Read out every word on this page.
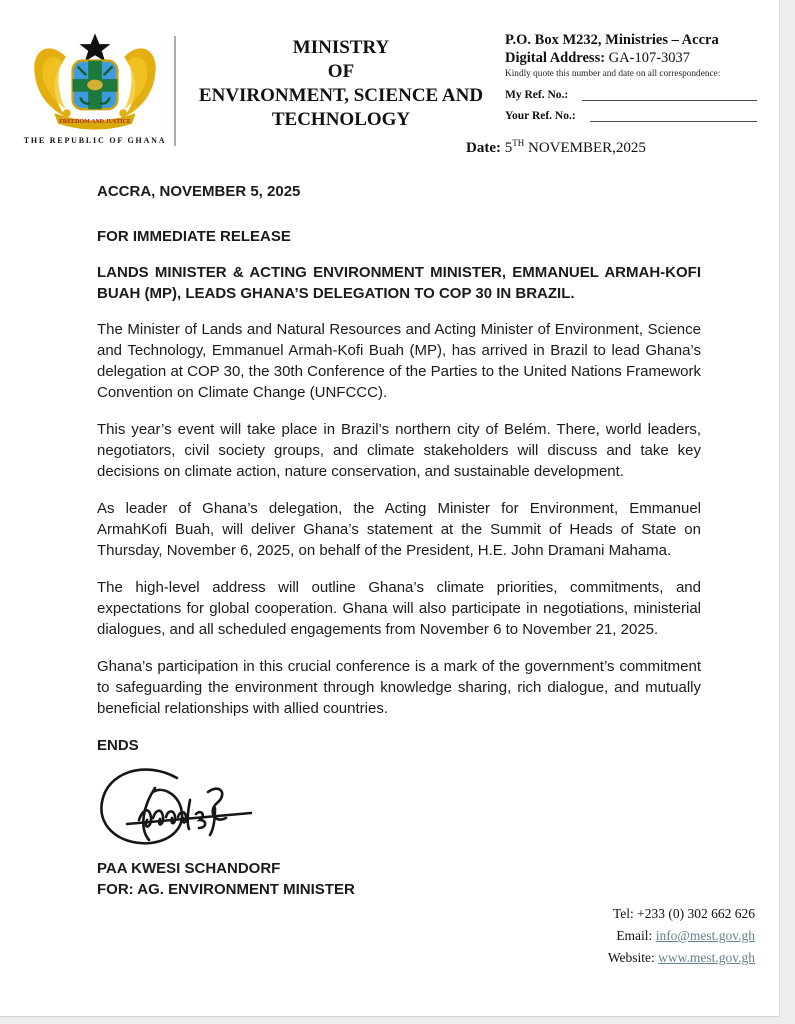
FREEDOM AND JUSTICE
THE REPUBLIC OF GHANA
MINISTRY
OF
ENVIRONMENT, SCIENCE AND
TECHNOLOGY
P.O. Box M232, Ministries – Accra
Digital Address: GA-107-3037
Kindly quote this number and date on all correspondence:
My Ref. No.:
Your Ref. No.:
Date: 5TH NOVEMBER,2025

ACCRA, NOVEMBER 5, 2025

FOR IMMEDIATE RELEASE

LANDS MINISTER & ACTING ENVIRONMENT MINISTER, EMMANUEL ARMAH-KOFI BUAH (MP), LEADS GHANA’S DELEGATION TO COP 30 IN BRAZIL.

The Minister of Lands and Natural Resources and Acting Minister of Environment, Science and Technology, Emmanuel Armah-Kofi Buah (MP), has arrived in Brazil to lead Ghana’s delegation at COP 30, the 30th Conference of the Parties to the United Nations Framework Convention on Climate Change (UNFCCC).

This year’s event will take place in Brazil’s northern city of Belém. There, world leaders, negotiators, civil society groups, and climate stakeholders will discuss and take key decisions on climate action, nature conservation, and sustainable development.

As leader of Ghana’s delegation, the Acting Minister for Environment, Emmanuel ArmahKofi Buah, will deliver Ghana’s statement at the Summit of Heads of State on Thursday, November 6, 2025, on behalf of the President, H.E. John Dramani Mahama.

The high-level address will outline Ghana’s climate priorities, commitments, and expectations for global cooperation. Ghana will also participate in negotiations, ministerial dialogues, and all scheduled engagements from November 6 to November 21, 2025.

Ghana’s participation in this crucial conference is a mark of the government’s commitment to safeguarding the environment through knowledge sharing, rich dialogue, and mutually beneficial relationships with allied countries.

ENDS

PAA KWESI SCHANDORF

FOR: AG. ENVIRONMENT MINISTER

Tel: +233 (0) 302 662 626
Email: info@mest.gov.gh
Website: www.mest.gov.gh
